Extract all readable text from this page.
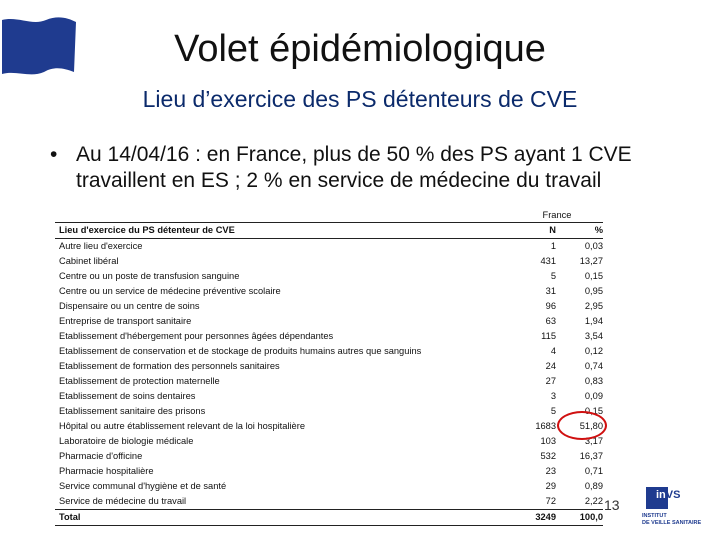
Volet épidémiologique
Lieu d’exercice des PS détenteurs de CVE
• Au 14/04/16 : en France, plus de 50 % des PS ayant 1 CVE travaillent en ES ; 2 % en service de médecine du travail
	France	
Lieu d'exercice du PS détenteur de CVE	N	%
Autre lieu d'exercice	1	0,03
Cabinet libéral	431	13,27
Centre ou un poste de transfusion sanguine	5	0,15
Centre ou un service de médecine préventive scolaire	31	0,95
Dispensaire ou un centre de soins	96	2,95
Entreprise de transport sanitaire	63	1,94
Etablissement d'hébergement pour personnes âgées dépendantes	115	3,54
Etablissement de conservation et de stockage de produits humains autres que sanguins	4	0,12
Etablissement de formation des personnels sanitaires	24	0,74
Etablissement de protection maternelle	27	0,83
Etablissement de soins dentaires	3	0,09
Etablissement sanitaire des prisons	5	0,15
Hôpital ou autre établissement relevant de la loi hospitalière	1683	51,80
Laboratoire de biologie médicale	103	3,17
Pharmacie d'officine	532	16,37
Pharmacie hospitalière	23	0,71
Service communal d'hygiène et de santé	29	0,89
Service de médecine du travail	72	2,22
Total	3249	100,0
13
inVS
INSTITUT
DE VEILLE SANITAIRE
